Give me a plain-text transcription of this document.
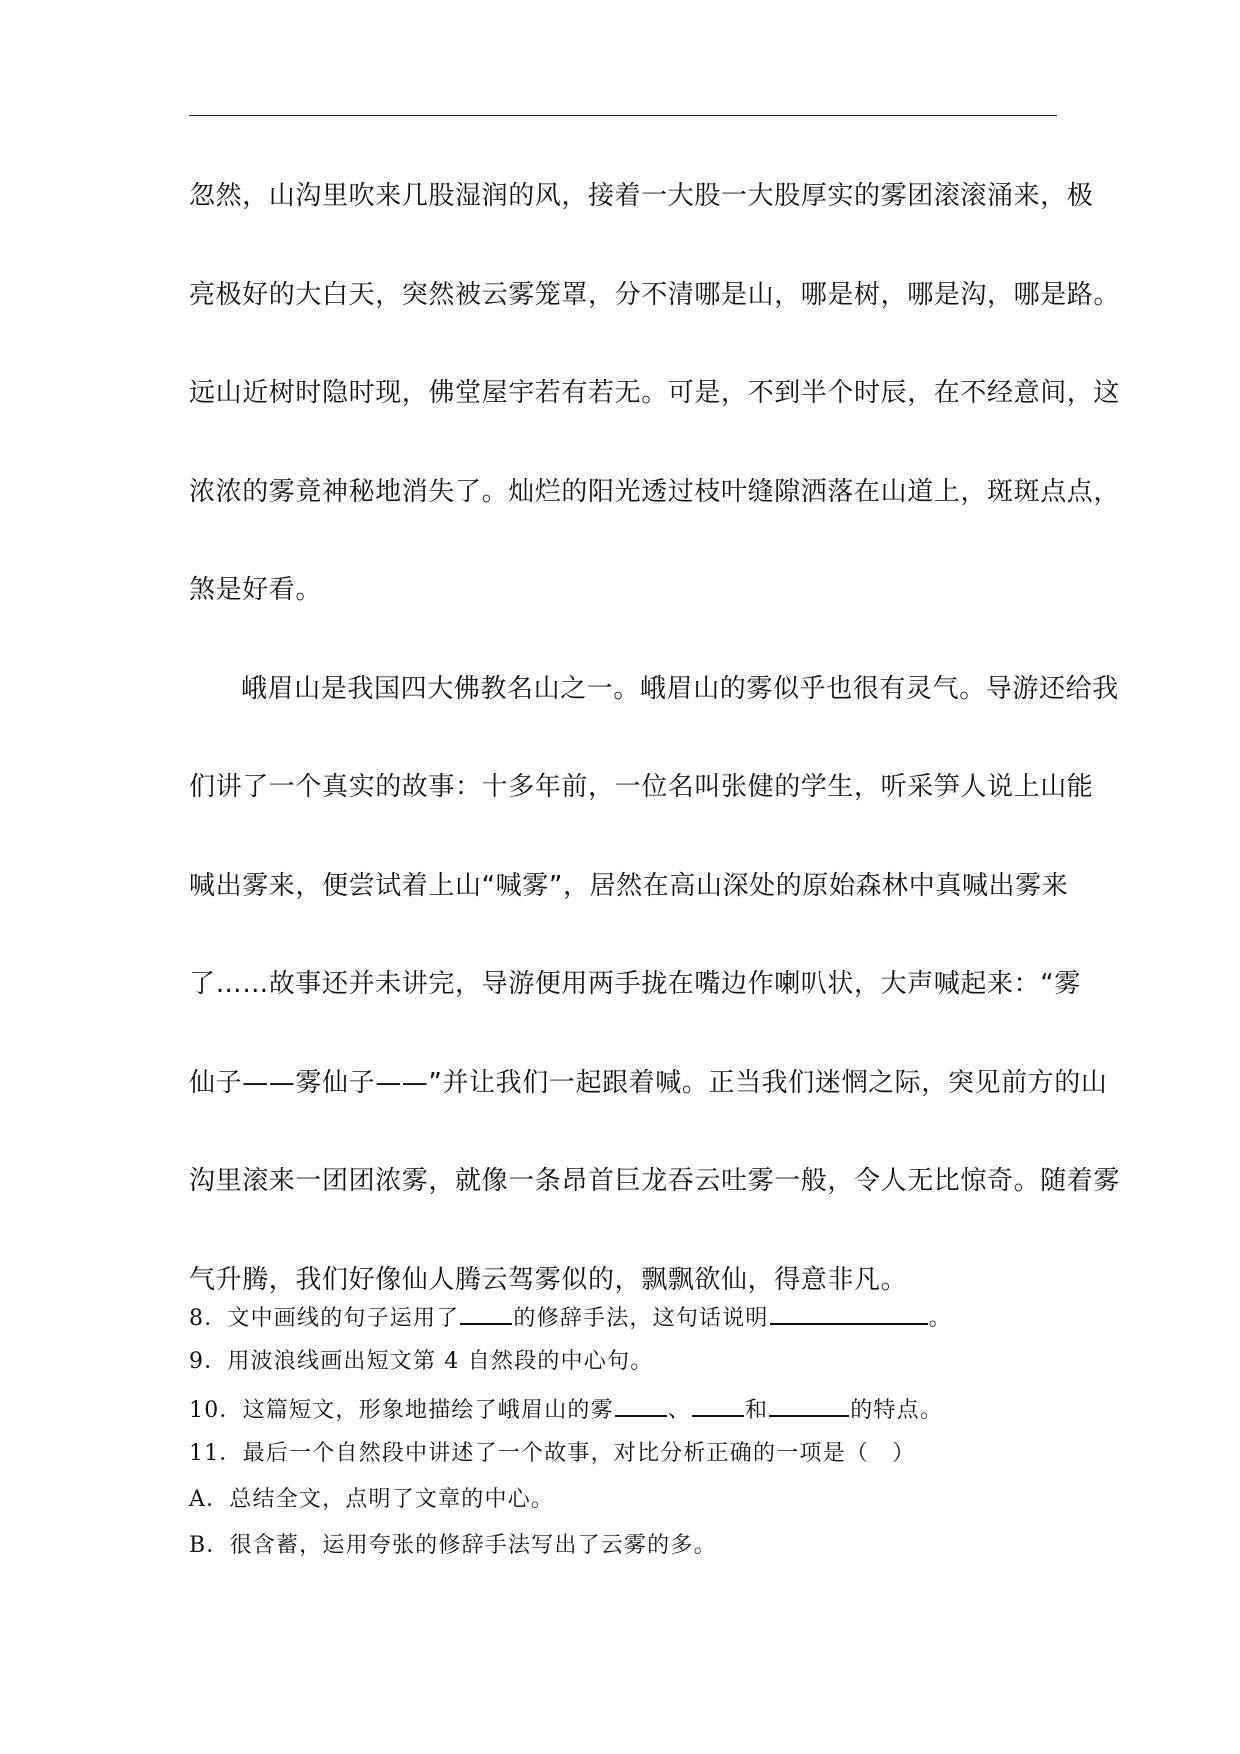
忽然，山沟里吹来几股湿润的风，接着一大股一大股厚实的雾团滚滚涌来，极
亮极好的大白天，突然被云雾笼罩，分不清哪是山，哪是树，哪是沟，哪是路。
远山近树时隐时现，佛堂屋宇若有若无。可是，不到半个时辰，在不经意间，这
浓浓的雾竟神秘地消失了。灿烂的阳光透过枝叶缝隙洒落在山道上，斑斑点点，
煞是好看。
峨眉山是我国四大佛教名山之一。峨眉山的雾似乎也很有灵气。导游还给我
们讲了一个真实的故事：十多年前，一位名叫张健的学生，听采笋人说上山能
喊出雾来，便尝试着上山“喊雾”，居然在高山深处的原始森林中真喊出雾来
了……故事还并未讲完，导游便用两手拢在嘴边作喇叭状，大声喊起来：“雾
仙子——雾仙子——”并让我们一起跟着喊。正当我们迷惘之际，突见前方的山
沟里滚来一团团浓雾，就像一条昂首巨龙吞云吐雾一般，令人无比惊奇。随着雾
气升腾，我们好像仙人腾云驾雾似的，飘飘欲仙，得意非凡。
8．文中画线的句子运用了 的修辞手法，这句话说明	。
9．用波浪线画出短文第 4 自然段的中心句。
10．这篇短文，形象地描绘了峨眉山的雾 、 和	的特点。
11．最后一个自然段中讲述了一个故事，对比分析正确的一项是（　）
A．总结全文，点明了文章的中心。
B．很含蓄，运用夸张的修辞手法写出了云雾的多。
